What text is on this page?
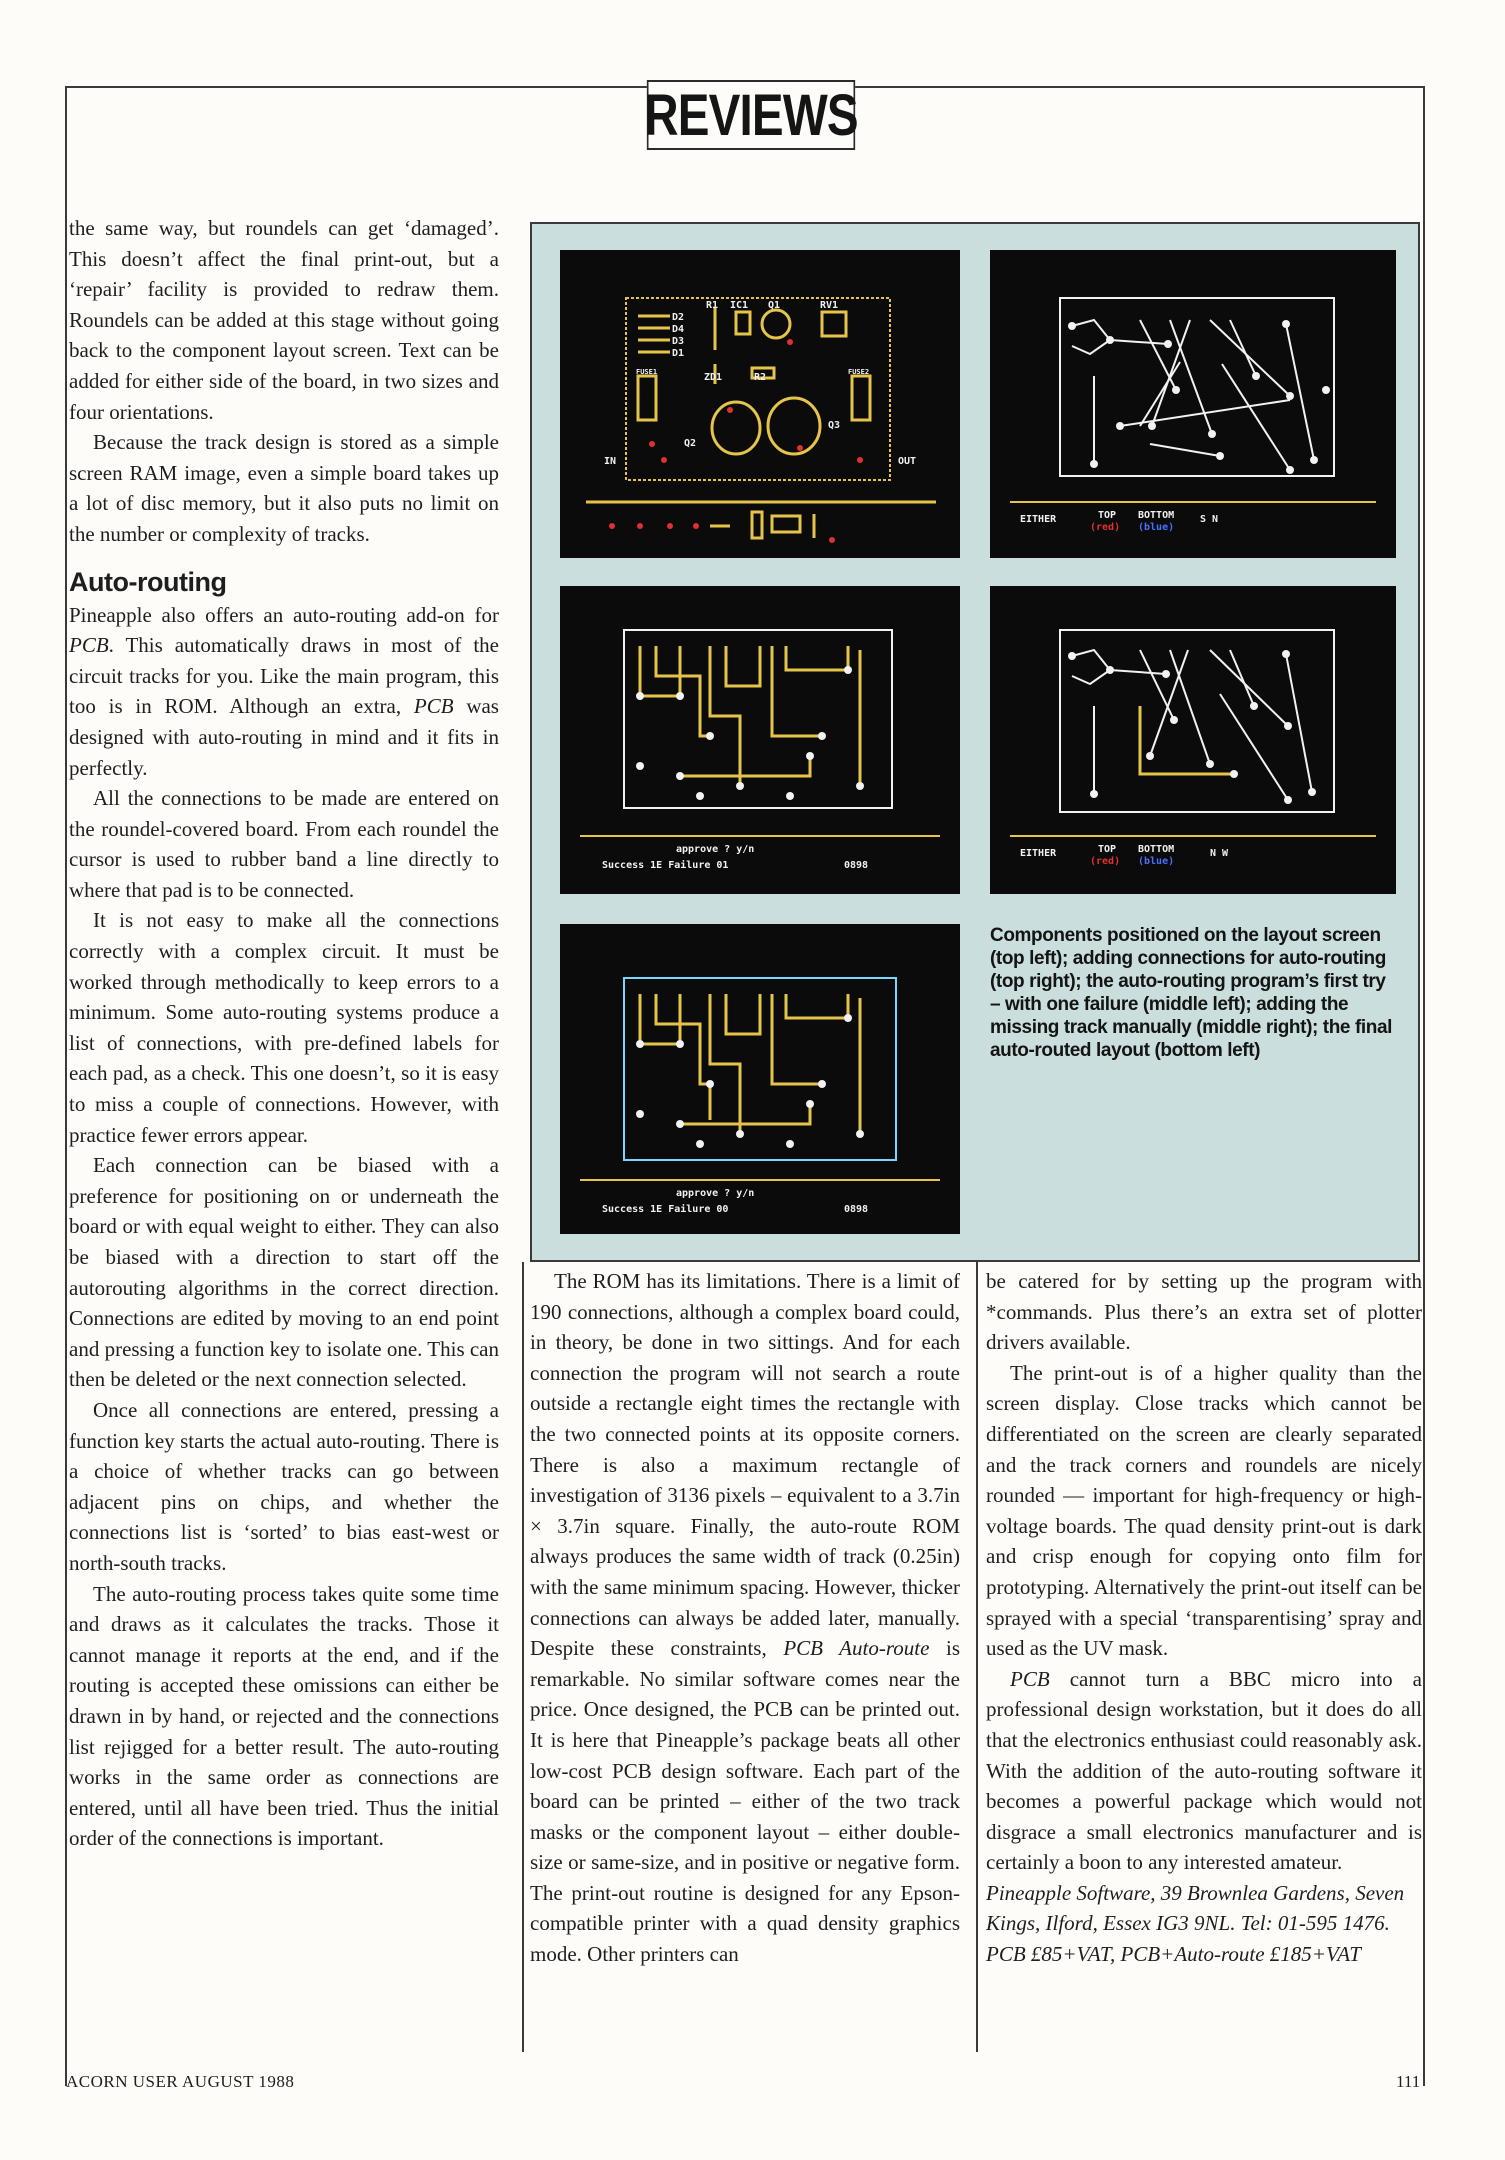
REVIEWS

the same way, but roundels can get ‘damaged’. This doesn’t affect the final print-out, but a ‘repair’ facility is provided to redraw them. Roundels can be added at this stage without going back to the component layout screen. Text can be added for either side of the board, in two sizes and four orientations.

Because the track design is stored as a simple screen RAM image, even a simple board takes up a lot of disc memory, but it also puts no limit on the number or complexity of tracks.

Auto-routing

Pineapple also offers an auto-routing add-on for PCB. This automatically draws in most of the circuit tracks for you. Like the main program, this too is in ROM. Although an extra, PCB was designed with auto-routing in mind and it fits in perfectly.

All the connections to be made are entered on the roundel-covered board. From each roundel the cursor is used to rubber band a line directly to where that pad is to be connected.

It is not easy to make all the connections correctly with a complex circuit. It must be worked through methodically to keep errors to a minimum. Some auto-routing systems produce a list of connections, with pre-defined labels for each pad, as a check. This one doesn’t, so it is easy to miss a couple of connections. However, with practice fewer errors appear.

Each connection can be biased with a preference for positioning on or underneath the board or with equal weight to either. They can also be biased with a direction to start off the autorouting algorithms in the correct direction. Connections are edited by moving to an end point and pressing a function key to isolate one. This can then be deleted or the next connection selected.

Once all connections are entered, pressing a function key starts the actual auto-routing. There is a choice of whether tracks can go between adjacent pins on chips, and whether the connections list is ‘sorted’ to bias east-west or north-south tracks.

The auto-routing process takes quite some time and draws as it calculates the tracks. Those it cannot manage it reports at the end, and if the routing is accepted these omissions can either be drawn in by hand, or rejected and the connections list rejigged for a better result. The auto-routing works in the same order as connections are entered, until all have been tried. Thus the initial order of the connections is important.

R1 IC1 Q1	RV1
D2
D4
D3
D1
FUSE1	ZD1	R2	FUSE2
Q2
Q3
IN	OUT
EITHER	TOP
(red)
BOTTOM
(blue)
S N
approve ? y/n
Success 1E Failure 01	0898
EITHER	TOP
(red)
BOTTOM
(blue)
N W
approve ? y/n
Success 1E Failure 00	0898
Components positioned on the layout screen (top left); adding connections for auto-routing (top right); the auto-routing program’s first try – with one failure (middle left); adding the missing track manually (middle right); the final auto-routed layout (bottom left)

The ROM has its limitations. There is a limit of 190 connections, although a complex board could, in theory, be done in two sittings. And for each connection the program will not search a route outside a rectangle eight times the rectangle with the two connected points at its opposite corners. There is also a maximum rectangle of investigation of 3136 pixels – equivalent to a 3.7in × 3.7in square. Finally, the auto-route ROM always produces the same width of track (0.25in) with the same minimum spacing. However, thicker connections can always be added later, manually. Despite these constraints, PCB Auto-route is remarkable. No similar software comes near the price. Once designed, the PCB can be printed out. It is here that Pineapple’s package beats all other low-cost PCB design software. Each part of the board can be printed – either of the two track masks or the component layout – either double-size or same-size, and in positive or negative form. The print-out routine is designed for any Epson-compatible printer with a quad density graphics mode. Other printers can

be catered for by setting up the program with *commands. Plus there’s an extra set of plotter drivers available.

The print-out is of a higher quality than the screen display. Close tracks which cannot be differentiated on the screen are clearly separated and the track corners and roundels are nicely rounded — important for high-frequency or high-voltage boards. The quad density print-out is dark and crisp enough for copying onto film for prototyping. Alternatively the print-out itself can be sprayed with a special ‘transparentising’ spray and used as the UV mask.

PCB cannot turn a BBC micro into a professional design workstation, but it does do all that the electronics enthusiast could reasonably ask. With the addition of the auto-routing software it becomes a powerful package which would not disgrace a small electronics manufacturer and is certainly a boon to any interested amateur.

Pineapple Software, 39 Brownlea Gardens, Seven Kings, Ilford, Essex IG3 9NL. Tel: 01-595 1476. PCB £85+VAT, PCB+Auto-route £185+VAT

ACORN USER AUGUST 1988	111
